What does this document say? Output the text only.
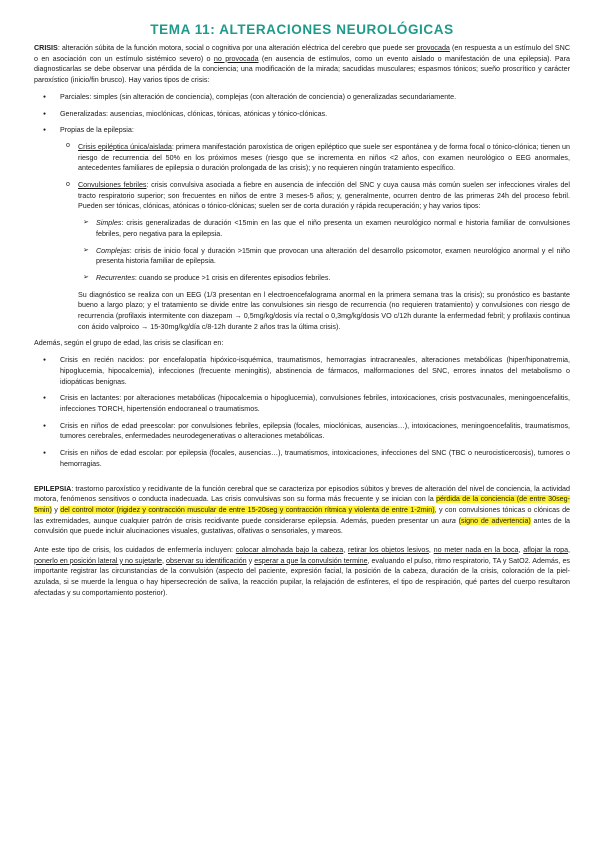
TEMA 11: ALTERACIONES NEUROLÓGICAS

CRISIS: alteración súbita de la función motora, social o cognitiva por una alteración eléctrica del cerebro que puede ser provocada (en respuesta a un estímulo del SNC o en asociación con un estímulo sistémico severo) o no provocada (en ausencia de estímulos, como un evento aislado o manifestación de una epilepsia). Para diagnosticarlas se debe observar una pérdida de la conciencia; una modificación de la mirada; sacudidas musculares; espasmos tónicos; sueño proscrítico y carácter paroxístico (inicio/fin brusco). Hay varios tipos de crisis:

● Parciales: simples (sin alteración de conciencia), complejas (con alteración de conciencia) o generalizadas secundariamente.
● Generalizadas: ausencias, mioclónicas, clónicas, tónicas, atónicas y tónico-clónicas.
● Propias de la epilepsia:
o Crisis epiléptica única/aislada: primera manifestación paroxística de origen epiléptico que suele ser espontánea y de forma focal o tónico-clónica; tienen un riesgo de recurrencia del 50% en los próximos meses (riesgo que se incrementa en niños <2 años, con examen neurológico o EEG anormales, antecedentes familiares de epilepsia o duración prolongada de las crisis); y no requieren ningún tratamiento específico.
o Convulsiones febriles: crisis convulsiva asociada a fiebre en ausencia de infección del SNC y cuya causa más común suelen ser infecciones virales del tracto respiratorio superior; son frecuentes en niños de entre 3 meses-5 años; y, generalmente, ocurren dentro de las primeras 24h del proceso febril. Pueden ser tónicas, clónicas, atónicas o tónico-clónicas; suelen ser de corta duración y rápida recuperación; y hay varios tipos:
➢ Simples: crisis generalizadas de duración <15min en las que el niño presenta un examen neurológico normal e historia familiar de convulsiones febriles, pero negativa para la epilepsia.
➢ Complejas: crisis de inicio focal y duración >15min que provocan una alteración del desarrollo psicomotor, examen neurológico anormal y el niño presenta historia familiar de epilepsia.
➢ Recurrentes: cuando se produce >1 crisis en diferentes episodios febriles.

Su diagnóstico se realiza con un EEG (1/3 presentan en l electroencefalograma anormal en la primera semana tras la crisis); su pronóstico es bastante bueno a largo plazo; y el tratamiento se divide entre las convulsiones sin riesgo de recurrencia (no requieren tratamiento) y convulsiones con riesgo de recurrencia (profilaxis intermitente con diazepam → 0,5mg/kg/dosis vía rectal o 0,3mg/kg/dosis VO c/12h durante la enfermedad febril; y profilaxis continua con ácido valproico → 15-30mg/kg/día c/8-12h durante 2 años tras la última crisis).

Además, según el grupo de edad, las crisis se clasifican en:

● Crisis en recién nacidos: por encefalopatía hipóxico-isquémica, traumatismos, hemorragias intracraneales, alteraciones metabólicas (hiper/hiponatremia, hipoglucemia, hipocalcemia), infecciones (frecuente meningitis), abstinencia de fármacos, malformaciones del SNC, errores innatos del metabolismo o idiopáticas benignas.
● Crisis en lactantes: por alteraciones metabólicas (hipocalcemia o hipoglucemia), convulsiones febriles, intoxicaciones, crisis postvacunales, meningoencefalitis, infecciones TORCH, hipertensión endocraneal o traumatismos.
● Crisis en niños de edad preescolar: por convulsiones febriles, epilepsia (focales, mioclónicas, ausencias…), intoxicaciones, meningoencefalitis, traumatismos, tumores cerebrales, enfermedades neurodegenerativas o alteraciones metabólicas.
● Crisis en niños de edad escolar: por epilepsia (focales, ausencias…), traumatismos, intoxicaciones, infecciones del SNC (TBC o neurocisticercosis), tumores o hemorragias.

EPILEPSIA: trastorno paroxístico y recidivante de la función cerebral que se caracteriza por episodios súbitos y breves de alteración del nivel de conciencia, la actividad motora, fenómenos sensitivos o conducta inadecuada. Las crisis convulsivas son su forma más frecuente y se inician con la pérdida de la conciencia (de entre 30seg-5min) y del control motor (rigidez y contracción muscular de entre 15-20seg y contracción rítmica y violenta de entre 1-2min), y con convulsiones tónicas o clónicas de las extremidades, aunque cualquier patrón de crisis recidivante puede considerarse epilepsia. Además, pueden presentar un aura (signo de advertencia) antes de la convulsión que puede incluir alucinaciones visuales, gustativas, olfativas o sensoriales, y mareos.

Ante este tipo de crisis, los cuidados de enfermería incluyen: colocar almohada bajo la cabeza, retirar los objetos lesivos, no meter nada en la boca, aflojar la ropa, ponerlo en posición lateral y no sujetarle, observar su identificación y esperar a que la convulsión termine, evaluando el pulso, ritmo respiratorio, TA y SatO2. Además, es importante registrar las circunstancias de la convulsión (aspecto del paciente, expresión facial, la posición de la cabeza, duración de la crisis, coloración de la piel-azulada, si se muerde la lengua o hay hipersecreción de saliva, la reacción pupilar, la relajación de esfínteres, el tipo de respiración, qué partes del cuerpo resultaron afectadas y su comportamiento posterior).
